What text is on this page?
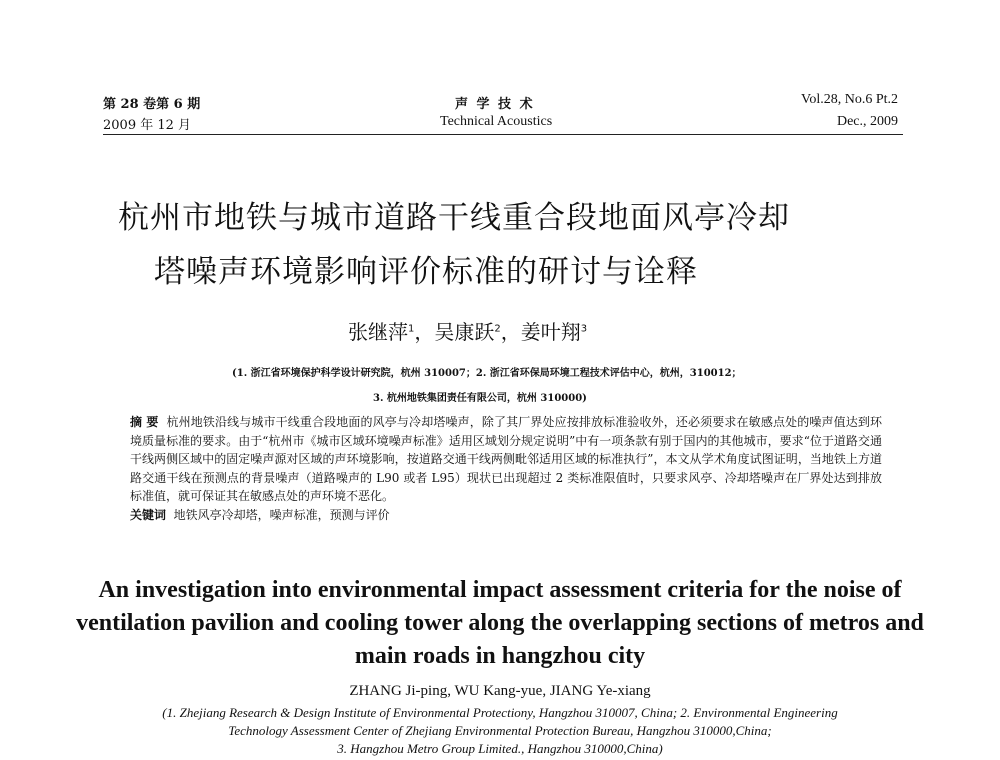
第 28 卷第 6 期
2009 年 12 月
声 学 技 术
Technical Acoustics
Vol.28, No.6 Pt.2
Dec., 2009
杭州市地铁与城市道路干线重合段地面风亭冷却
塔噪声环境影响评价标准的研讨与诠释
张继萍$^1$，吴康跃$^2$，姜叶翔$^3$
(1. 浙江省环境保护科学设计研究院，杭州 310007；2. 浙江省环保局环境工程技术评估中心，杭州，310012；
3. 杭州地铁集团责任有限公司，杭州 310000)

摘 要 杭州地铁沿线与城市干线重合段地面的风亭与冷却塔噪声，除了其厂界处应按排放标准验收外，还必须要求在敏感点处的噪声值达到环境质量标准的要求。由于“杭州市《城市区域环境噪声标准》适用区域划分规定说明”中有一项条款有别于国内的其他城市，要求“位于道路交通干线两侧区域中的固定噪声源对区域的声环境影响，按道路交通干线两侧毗邻适用区域的标准执行”，本文从学术角度试图证明，当地铁上方道路交通干线在预测点的背景噪声（道路噪声的 L90 或者 L95）现状已出现超过 2 类标准限值时，只要求风亭、冷却塔噪声在厂界处达到排放标准值，就可保证其在敏感点处的声环境不恶化。

关键词 地铁风亭冷却塔，噪声标准，预测与评价

An investigation into environmental impact assessment criteria for the noise of ventilation pavilion and cooling tower along the overlapping sections of metros and main roads in hangzhou city
ZHANG Ji-ping, WU Kang-yue, JIANG Ye-xiang
(1. Zhejiang Research & Design Institute of Environmental Protectiony, Hangzhou 310007, China; 2. Environmental Engineering
Technology Assessment Center of Zhejiang Environmental Protection Bureau, Hangzhou 310000,China;
3. Hangzhou Metro Group Limited., Hangzhou 310000,China)
